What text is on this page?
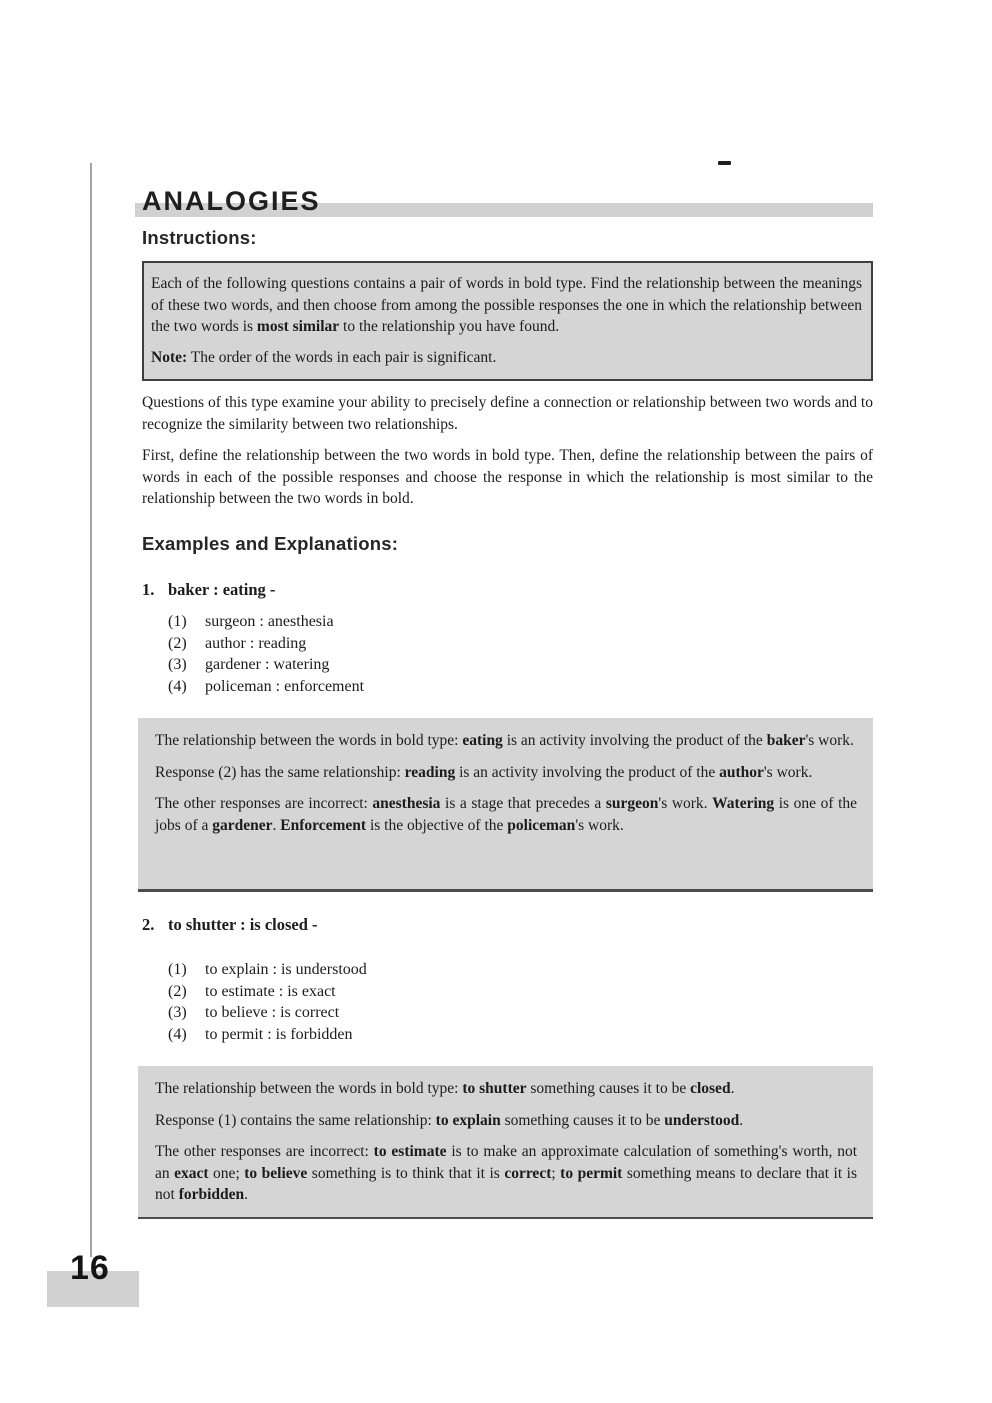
ANALOGIES
Instructions:

Each of the following questions contains a pair of words in bold type. Find the relationship between the meanings of these two words, and then choose from among the possible responses the one in which the relationship between the two words is most similar to the relationship you have found.

Note: The order of the words in each pair is significant.

Questions of this type examine your ability to precisely define a connection or relationship between two words and to recognize the similarity between two relationships.

First, define the relationship between the two words in bold type. Then, define the relationship between the pairs of words in each of the possible responses and choose the response in which the relationship is most similar to the relationship between the two words in bold.

Examples and Explanations:
1. baker : eating -
(1)	surgeon : anesthesia
(2)	author : reading
(3)	gardener : watering
(4)	policeman : enforcement

The relationship between the words in bold type: eating is an activity involving the product of the baker's work.

Response (2) has the same relationship: reading is an activity involving the product of the author's work.

The other responses are incorrect: anesthesia is a stage that precedes a surgeon's work. Watering is one of the jobs of a gardener. Enforcement is the objective of the policeman's work.

2. to shutter : is closed -
(1)	to explain : is understood
(2)	to estimate : is exact
(3)	to believe : is correct
(4)	to permit : is forbidden

The relationship between the words in bold type: to shutter something causes it to be closed.

Response (1) contains the same relationship: to explain something causes it to be understood.

The other responses are incorrect: to estimate is to make an approximate calculation of something's worth, not an exact one; to believe something is to think that it is correct; to permit something means to declare that it is not forbidden.

16
